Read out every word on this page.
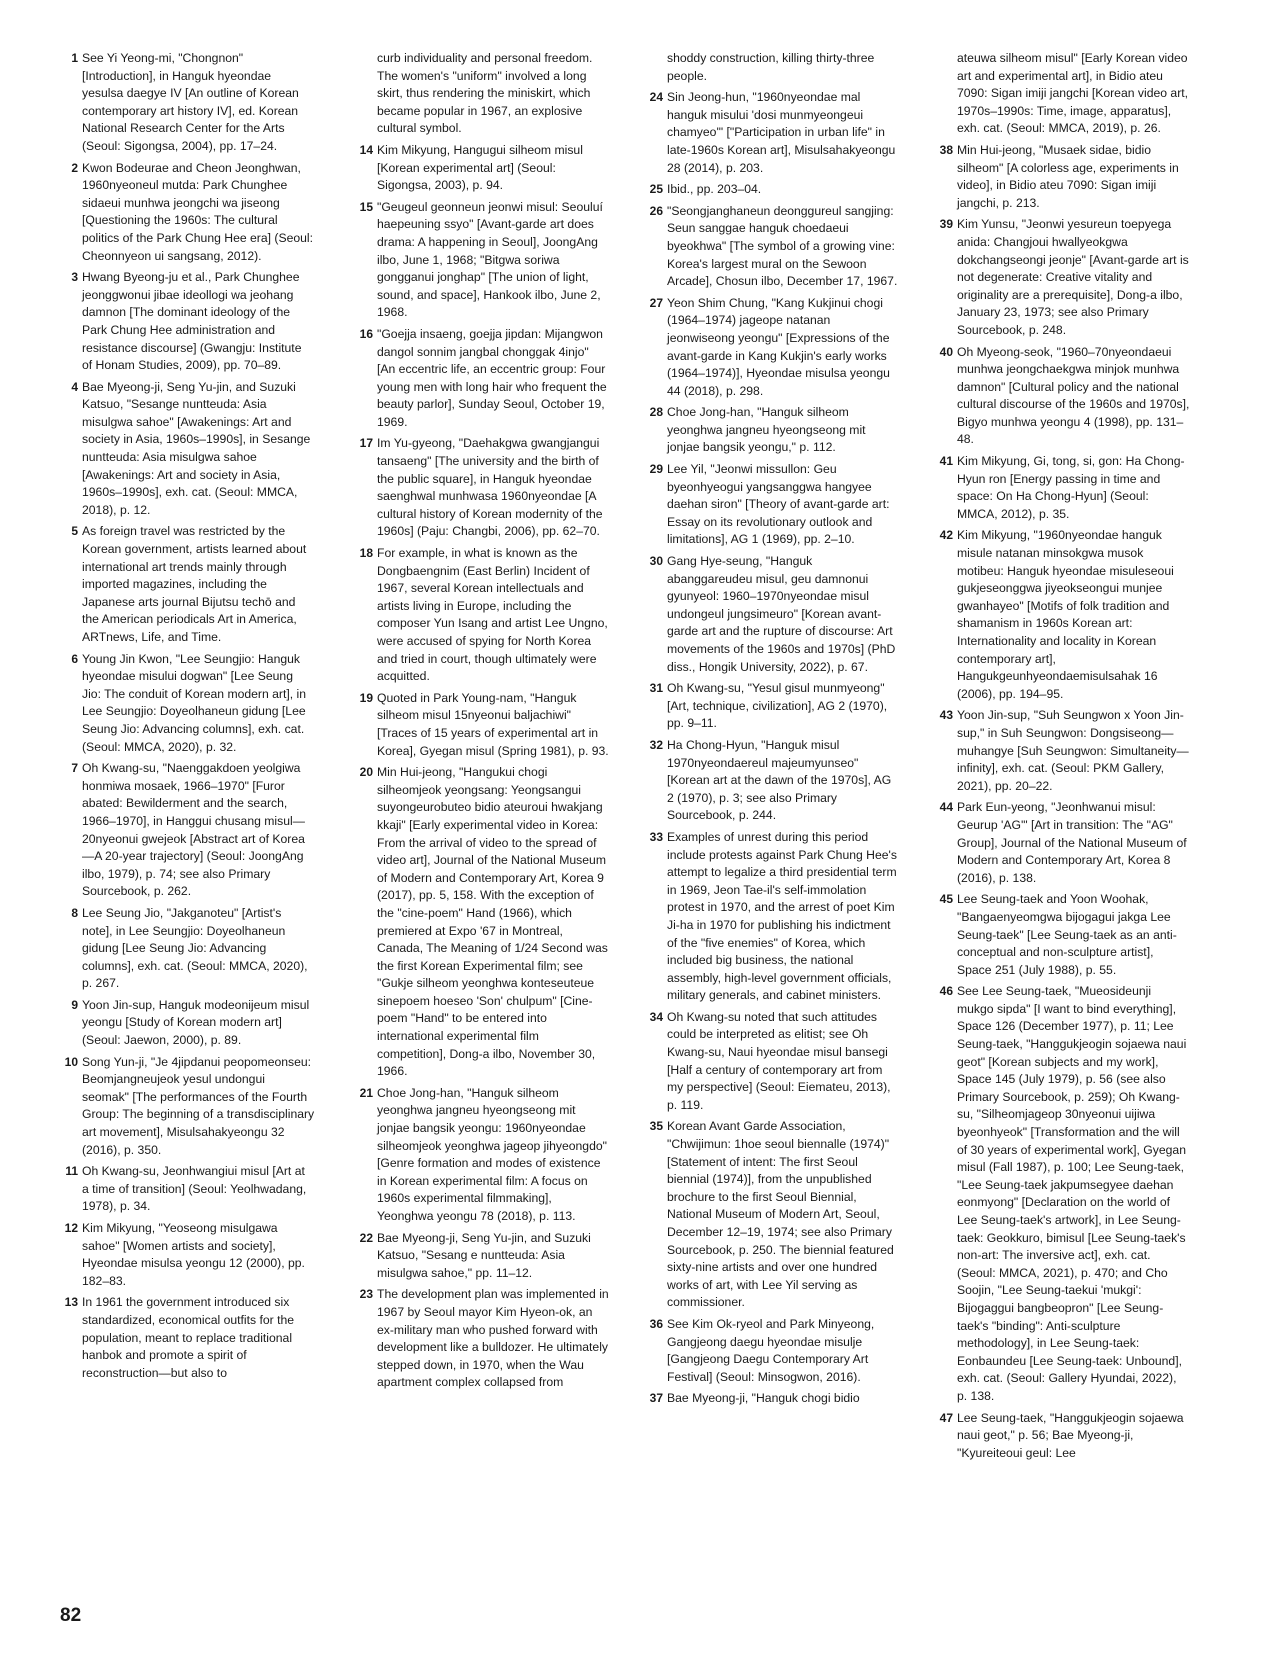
1 See Yi Yeong-mi, "Chongnon" [Introduction], in Hanguk hyeondae yesulsa daegye IV [An outline of Korean contemporary art history IV], ed. Korean National Research Center for the Arts (Seoul: Sigongsa, 2004), pp. 17–24.
2 Kwon Bodeurae and Cheon Jeonghwan, 1960nyeoneul mutda: Park Chunghee sidaeui munhwa jeongchi wa jiseong [Questioning the 1960s: The cultural politics of the Park Chung Hee era] (Seoul: Cheonnyeon ui sangsang, 2012).
3 Hwang Byeong-ju et al., Park Chunghee jeonggwonui jibae ideollogi wa jeohang damnon [The dominant ideology of the Park Chung Hee administration and resistance discourse] (Gwangju: Institute of Honam Studies, 2009), pp. 70–89.
4 Bae Myeong-ji, Seng Yu-jin, and Suzuki Katsuo, "Sesange nuntteuda: Asia misulgwa sahoe" [Awakenings: Art and society in Asia, 1960s–1990s], in Sesange nuntteuda: Asia misulgwa sahoe [Awakenings: Art and society in Asia, 1960s–1990s], exh. cat. (Seoul: MMCA, 2018), p. 12.
5 As foreign travel was restricted by the Korean government, artists learned about international art trends mainly through imported magazines, including the Japanese arts journal Bijutsu techō and the American periodicals Art in America, ARTnews, Life, and Time.
6 Young Jin Kwon, "Lee Seungjio: Hanguk hyeondae misului dogwan" [Lee Seung Jio: The conduit of Korean modern art], in Lee Seungjio: Doyeolhaneun gidung [Lee Seung Jio: Advancing columns], exh. cat. (Seoul: MMCA, 2020), p. 32.
7 Oh Kwang-su, "Naenggakdoen yeolgiwa honmiwa mosaek, 1966–1970" [Furor abated: Bewilderment and the search, 1966–1970], in Hanggui chusang misul—20nyeonui gwejeok [Abstract art of Korea—A 20-year trajectory] (Seoul: JoongAng ilbo, 1979), p. 74; see also Primary Sourcebook, p. 262.
8 Lee Seung Jio, "Jakganoteu" [Artist's note], in Lee Seungjio: Doyeolhaneun gidung [Lee Seung Jio: Advancing columns], exh. cat. (Seoul: MMCA, 2020), p. 267.
9 Yoon Jin-sup, Hanguk modeonijeum misul yeongu [Study of Korean modern art] (Seoul: Jaewon, 2000), p. 89.
10 Song Yun-ji, "Je 4jipdanui peopomeonseu: Beomjangneujeok yesul undongui seomak" [The performances of the Fourth Group: The beginning of a transdisciplinary art movement], Misulsahakyeongu 32 (2016), p. 350.
11 Oh Kwang-su, Jeonhwangiui misul [Art at a time of transition] (Seoul: Yeolhwadang, 1978), p. 34.
12 Kim Mikyung, "Yeoseong misulgawa sahoe" [Women artists and society], Hyeondae misulsa yeongu 12 (2000), pp. 182–83.
13 In 1961 the government introduced six standardized, economical outfits for the population, meant to replace traditional hanbok and promote a spirit of reconstruction—but also to
curb individuality and personal freedom. The women's "uniform" involved a long skirt, thus rendering the miniskirt, which became popular in 1967, an explosive cultural symbol.
14 Kim Mikyung, Hangugui silheom misul [Korean experimental art] (Seoul: Sigongsa, 2003), p. 94.
15 "Geugeul geonneun jeonwi misul: Seouluí haepeuning ssyo" [Avant-garde art does drama: A happening in Seoul], JoongAng ilbo, June 1, 1968; "Bitgwa soriwa gongganui jonghap" [The union of light, sound, and space], Hankook ilbo, June 2, 1968.
16 "Goejja insaeng, goejja jipdan: Mijangwon dangol sonnim jangbal chonggak 4injo" [An eccentric life, an eccentric group: Four young men with long hair who frequent the beauty parlor], Sunday Seoul, October 19, 1969.
17 Im Yu-gyeong, "Daehakgwa gwangjangui tansaeng" [The university and the birth of the public square], in Hanguk hyeondae saenghwal munhwasa 1960nyeondae [A cultural history of Korean modernity of the 1960s] (Paju: Changbi, 2006), pp. 62–70.
18 For example, in what is known as the Dongbaengnim (East Berlin) Incident of 1967, several Korean intellectuals and artists living in Europe, including the composer Yun Isang and artist Lee Ungno, were accused of spying for North Korea and tried in court, though ultimately were acquitted.
19 Quoted in Park Young-nam, "Hanguk silheom misul 15nyeonui baljachiwi" [Traces of 15 years of experimental art in Korea], Gyegan misul (Spring 1981), p. 93.
20 Min Hui-jeong, "Hangukui chogi silheomjeok yeongsang: Yeongsangui suyongeurobuteo bidio ateuroui hwakjang kkaji" [Early experimental video in Korea: From the arrival of video to the spread of video art], Journal of the National Museum of Modern and Contemporary Art, Korea 9 (2017), pp. 5, 158. With the exception of the "cine-poem" Hand (1966), which premiered at Expo '67 in Montreal, Canada, The Meaning of 1/24 Second was the first Korean Experimental film; see "Gukje silheom yeonghwa konteseuteue sinepoem hoeseo 'Son' chulpum" [Cine-poem "Hand" to be entered into international experimental film competition], Dong-a ilbo, November 30, 1966.
21 Choe Jong-han, "Hanguk silheom yeonghwa jangneu hyeongseong mit jonjae bangsik yeongu: 1960nyeondae silheomjeok yeonghwa jageop jihyeongdo" [Genre formation and modes of existence in Korean experimental film: A focus on 1960s experimental filmmaking], Yeonghwa yeongu 78 (2018), p. 113.
22 Bae Myeong-ji, Seng Yu-jin, and Suzuki Katsuo, "Sesang e nuntteuda: Asia misulgwa sahoe," pp. 11–12.
23 The development plan was implemented in 1967 by Seoul mayor Kim Hyeon-ok, an ex-military man who pushed forward with development like a bulldozer. He ultimately stepped down, in 1970, when the Wau apartment complex collapsed from
shoddy construction, killing thirty-three people.
24 Sin Jeong-hun, "1960nyeondae mal hanguk misului 'dosi munmyeongeui chamyeo'" ["Participation in urban life" in late-1960s Korean art], Misulsahakyeongu 28 (2014), p. 203.
25 Ibid., pp. 203–04.
26 "Seongjanghaneun deonggureul sangjing: Seun sanggae hanguk choedaeui byeokhwa" [The symbol of a growing vine: Korea's largest mural on the Sewoon Arcade], Chosun ilbo, December 17, 1967.
27 Yeon Shim Chung, "Kang Kukjinui chogi (1964–1974) jageope natanan jeonwiseong yeongu" [Expressions of the avant-garde in Kang Kukjin's early works (1964–1974)], Hyeondae misulsa yeongu 44 (2018), p. 298.
28 Choe Jong-han, "Hanguk silheom yeonghwa jangneu hyeongseong mit jonjae bangsik yeongu," p. 112.
29 Lee Yil, "Jeonwi missullon: Geu byeonhyeogui yangsanggwa hangyee daehan siron" [Theory of avant-garde art: Essay on its revolutionary outlook and limitations], AG 1 (1969), pp. 2–10.
30 Gang Hye-seung, "Hanguk abanggareudeu misul, geu damnonui gyunyeol: 1960–1970nyeondae misul undongeul jungsimeuro" [Korean avant-garde art and the rupture of discourse: Art movements of the 1960s and 1970s] (PhD diss., Hongik University, 2022), p. 67.
31 Oh Kwang-su, "Yesul gisul munmyeong" [Art, technique, civilization], AG 2 (1970), pp. 9–11.
32 Ha Chong-Hyun, "Hanguk misul 1970nyeondaereul majeumyunseo" [Korean art at the dawn of the 1970s], AG 2 (1970), p. 3; see also Primary Sourcebook, p. 244.
33 Examples of unrest during this period include protests against Park Chung Hee's attempt to legalize a third presidential term in 1969, Jeon Tae-il's self-immolation protest in 1970, and the arrest of poet Kim Ji-ha in 1970 for publishing his indictment of the "five enemies" of Korea, which included big business, the national assembly, high-level government officials, military generals, and cabinet ministers.
34 Oh Kwang-su noted that such attitudes could be interpreted as elitist; see Oh Kwang-su, Naui hyeondae misul bansegi [Half a century of contemporary art from my perspective] (Seoul: Eiemateu, 2013), p. 119.
35 Korean Avant Garde Association, "Chwijimun: 1hoe seoul biennalle (1974)" [Statement of intent: The first Seoul biennial (1974)], from the unpublished brochure to the first Seoul Biennial, National Museum of Modern Art, Seoul, December 12–19, 1974; see also Primary Sourcebook, p. 250. The biennial featured sixty-nine artists and over one hundred works of art, with Lee Yil serving as commissioner.
36 See Kim Ok-ryeol and Park Minyeong, Gangjeong daegu hyeondae misulje [Gangjeong Daegu Contemporary Art Festival] (Seoul: Minsogwon, 2016).
37 Bae Myeong-ji, "Hanguk chogi bidio
ateuwa silheom misul" [Early Korean video art and experimental art], in Bidio ateu 7090: Sigan imiji jangchi [Korean video art, 1970s–1990s: Time, image, apparatus], exh. cat. (Seoul: MMCA, 2019), p. 26.
38 Min Hui-jeong, "Musaek sidae, bidio silheom" [A colorless age, experiments in video], in Bidio ateu 7090: Sigan imiji jangchi, p. 213.
39 Kim Yunsu, "Jeonwi yesureun toepyega anida: Changjoui hwallyeokgwa dokchangseongi jeonje" [Avant-garde art is not degenerate: Creative vitality and originality are a prerequisite], Dong-a ilbo, January 23, 1973; see also Primary Sourcebook, p. 248.
40 Oh Myeong-seok, "1960–70nyeondaeui munhwa jeongchaekgwa minjok munhwa damnon" [Cultural policy and the national cultural discourse of the 1960s and 1970s], Bigyo munhwa yeongu 4 (1998), pp. 131–48.
41 Kim Mikyung, Gi, tong, si, gon: Ha Chong-Hyun ron [Energy passing in time and space: On Ha Chong-Hyun] (Seoul: MMCA, 2012), p. 35.
42 Kim Mikyung, "1960nyeondae hanguk misule natanan minsokgwa musok motibeu: Hanguk hyeondae misuleseoui gukjeseonggwa jiyeokseongui munjee gwanhayeo" [Motifs of folk tradition and shamanism in 1960s Korean art: Internationality and locality in Korean contemporary art], Hangukgeunhyeondaemisulsahak 16 (2006), pp. 194–95.
43 Yoon Jin-sup, "Suh Seungwon x Yoon Jin-sup," in Suh Seungwon: Dongsiseong—muhangye [Suh Seungwon: Simultaneity—infinity], exh. cat. (Seoul: PKM Gallery, 2021), pp. 20–22.
44 Park Eun-yeong, "Jeonhwanui misul: Geurup 'AG'" [Art in transition: The "AG" Group], Journal of the National Museum of Modern and Contemporary Art, Korea 8 (2016), p. 138.
45 Lee Seung-taek and Yoon Woohak, "Bangaenyeomgwa bijogagui jakga Lee Seung-taek" [Lee Seung-taek as an anti-conceptual and non-sculpture artist], Space 251 (July 1988), p. 55.
46 See Lee Seung-taek, "Mueosideunji mukgo sipda" [I want to bind everything], Space 126 (December 1977), p. 11; Lee Seung-taek, "Hanggukjeogin sojaewa naui geot" [Korean subjects and my work], Space 145 (July 1979), p. 56 (see also Primary Sourcebook, p. 259); Oh Kwang-su, "Silheomjageop 30nyeonui uijiwa byeonhyeok" [Transformation and the will of 30 years of experimental work], Gyegan misul (Fall 1987), p. 100; Lee Seung-taek, "Lee Seung-taek jakpumsegyee daehan eonmyong" [Declaration on the world of Lee Seung-taek's artwork], in Lee Seung-taek: Geokkuro, bimisul [Lee Seung-taek's non-art: The inversive act], exh. cat. (Seoul: MMCA, 2021), p. 470; and Cho Soojin, "Lee Seung-taekui 'mukgi': Bijogaggui bangbeopron" [Lee Seung-taek's "binding": Anti-sculpture methodology], in Lee Seung-taek: Eonbaundeu [Lee Seung-taek: Unbound], exh. cat. (Seoul: Gallery Hyundai, 2022), p. 138.
47 Lee Seung-taek, "Hanggukjeogin sojaewa naui geot," p. 56; Bae Myeong-ji, "Kyureiteoui geul: Lee
82
